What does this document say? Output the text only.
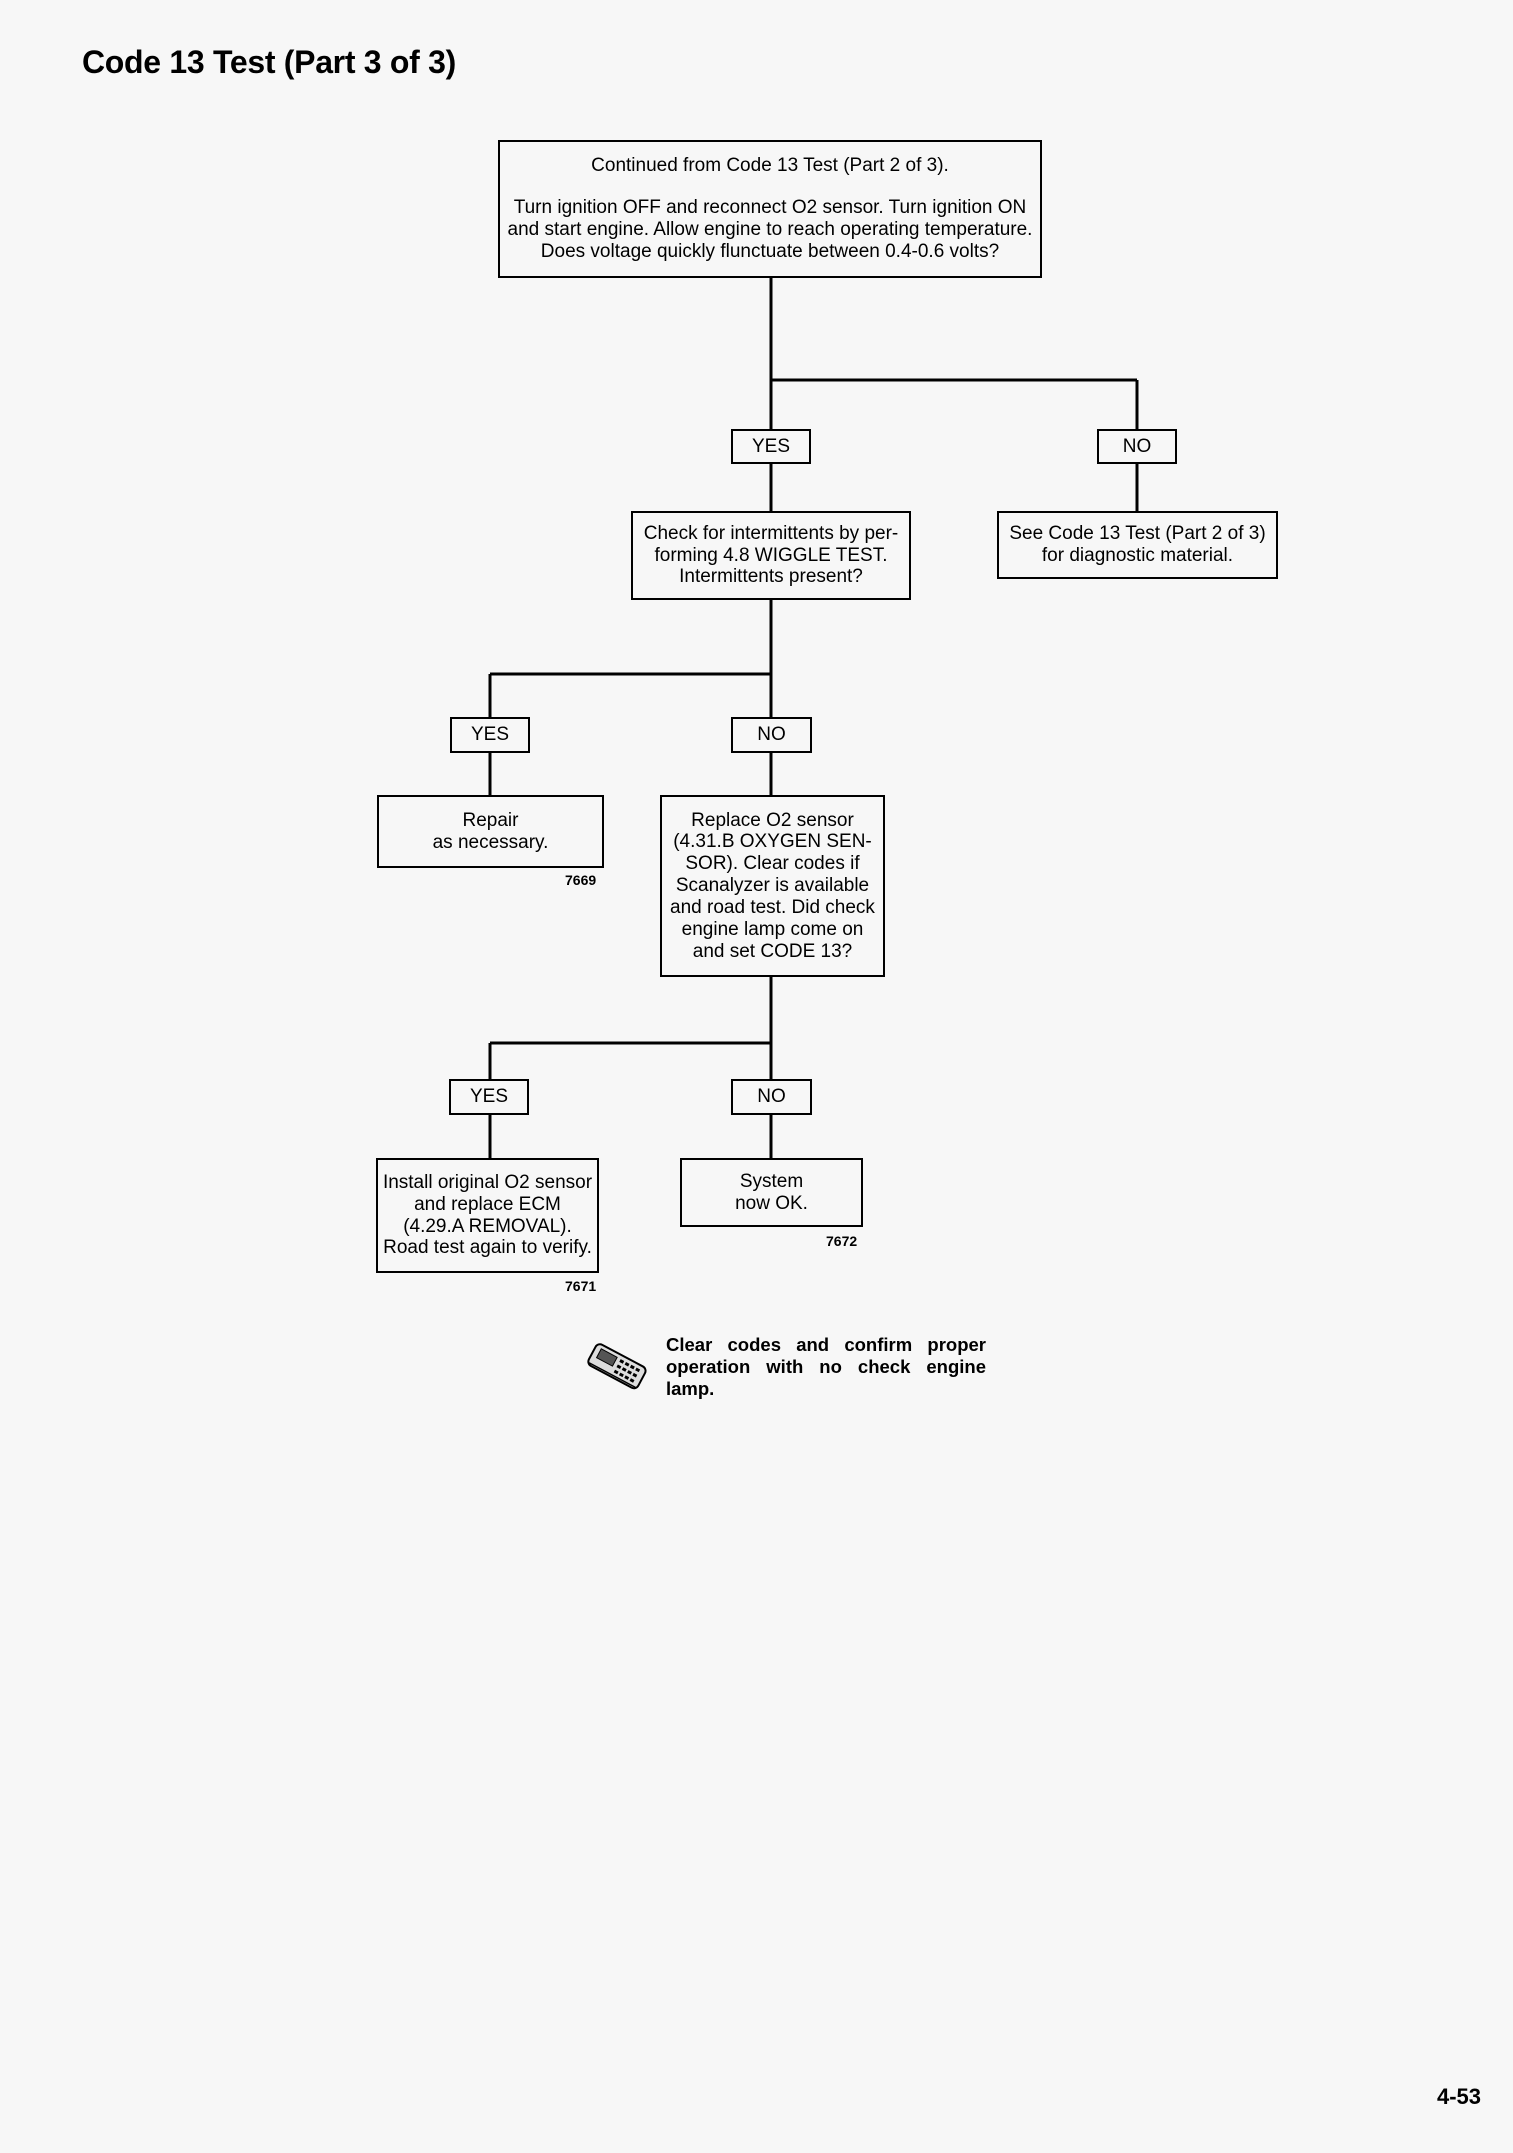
Code 13 Test (Part 3 of 3)

Continued from Code 13 Test (Part 2 of 3).

Turn ignition OFF and reconnect O2 sensor. Turn ignition ON

and start engine. Allow engine to reach operating temperature.

Does voltage quickly flunctuate between 0.4-0.6 volts?

YES	NO

Check for intermittents by per-

forming 4.8 WIGGLE TEST.

Intermittents present?

See Code 13 Test (Part 2 of 3)

for diagnostic material.

YES	NO

Repair

as necessary.

7669

Replace O2 sensor

(4.31.B OXYGEN SEN-

SOR). Clear codes if

Scanalyzer is available

and road test. Did check

engine lamp come on

and set CODE 13?

YES	NO

Install original O2 sensor

and replace ECM

(4.29.A REMOVAL).

Road test again to verify.

7671

System

now OK.

7672
Clear codes and confirm proper operation with no check engine lamp.
4-53
